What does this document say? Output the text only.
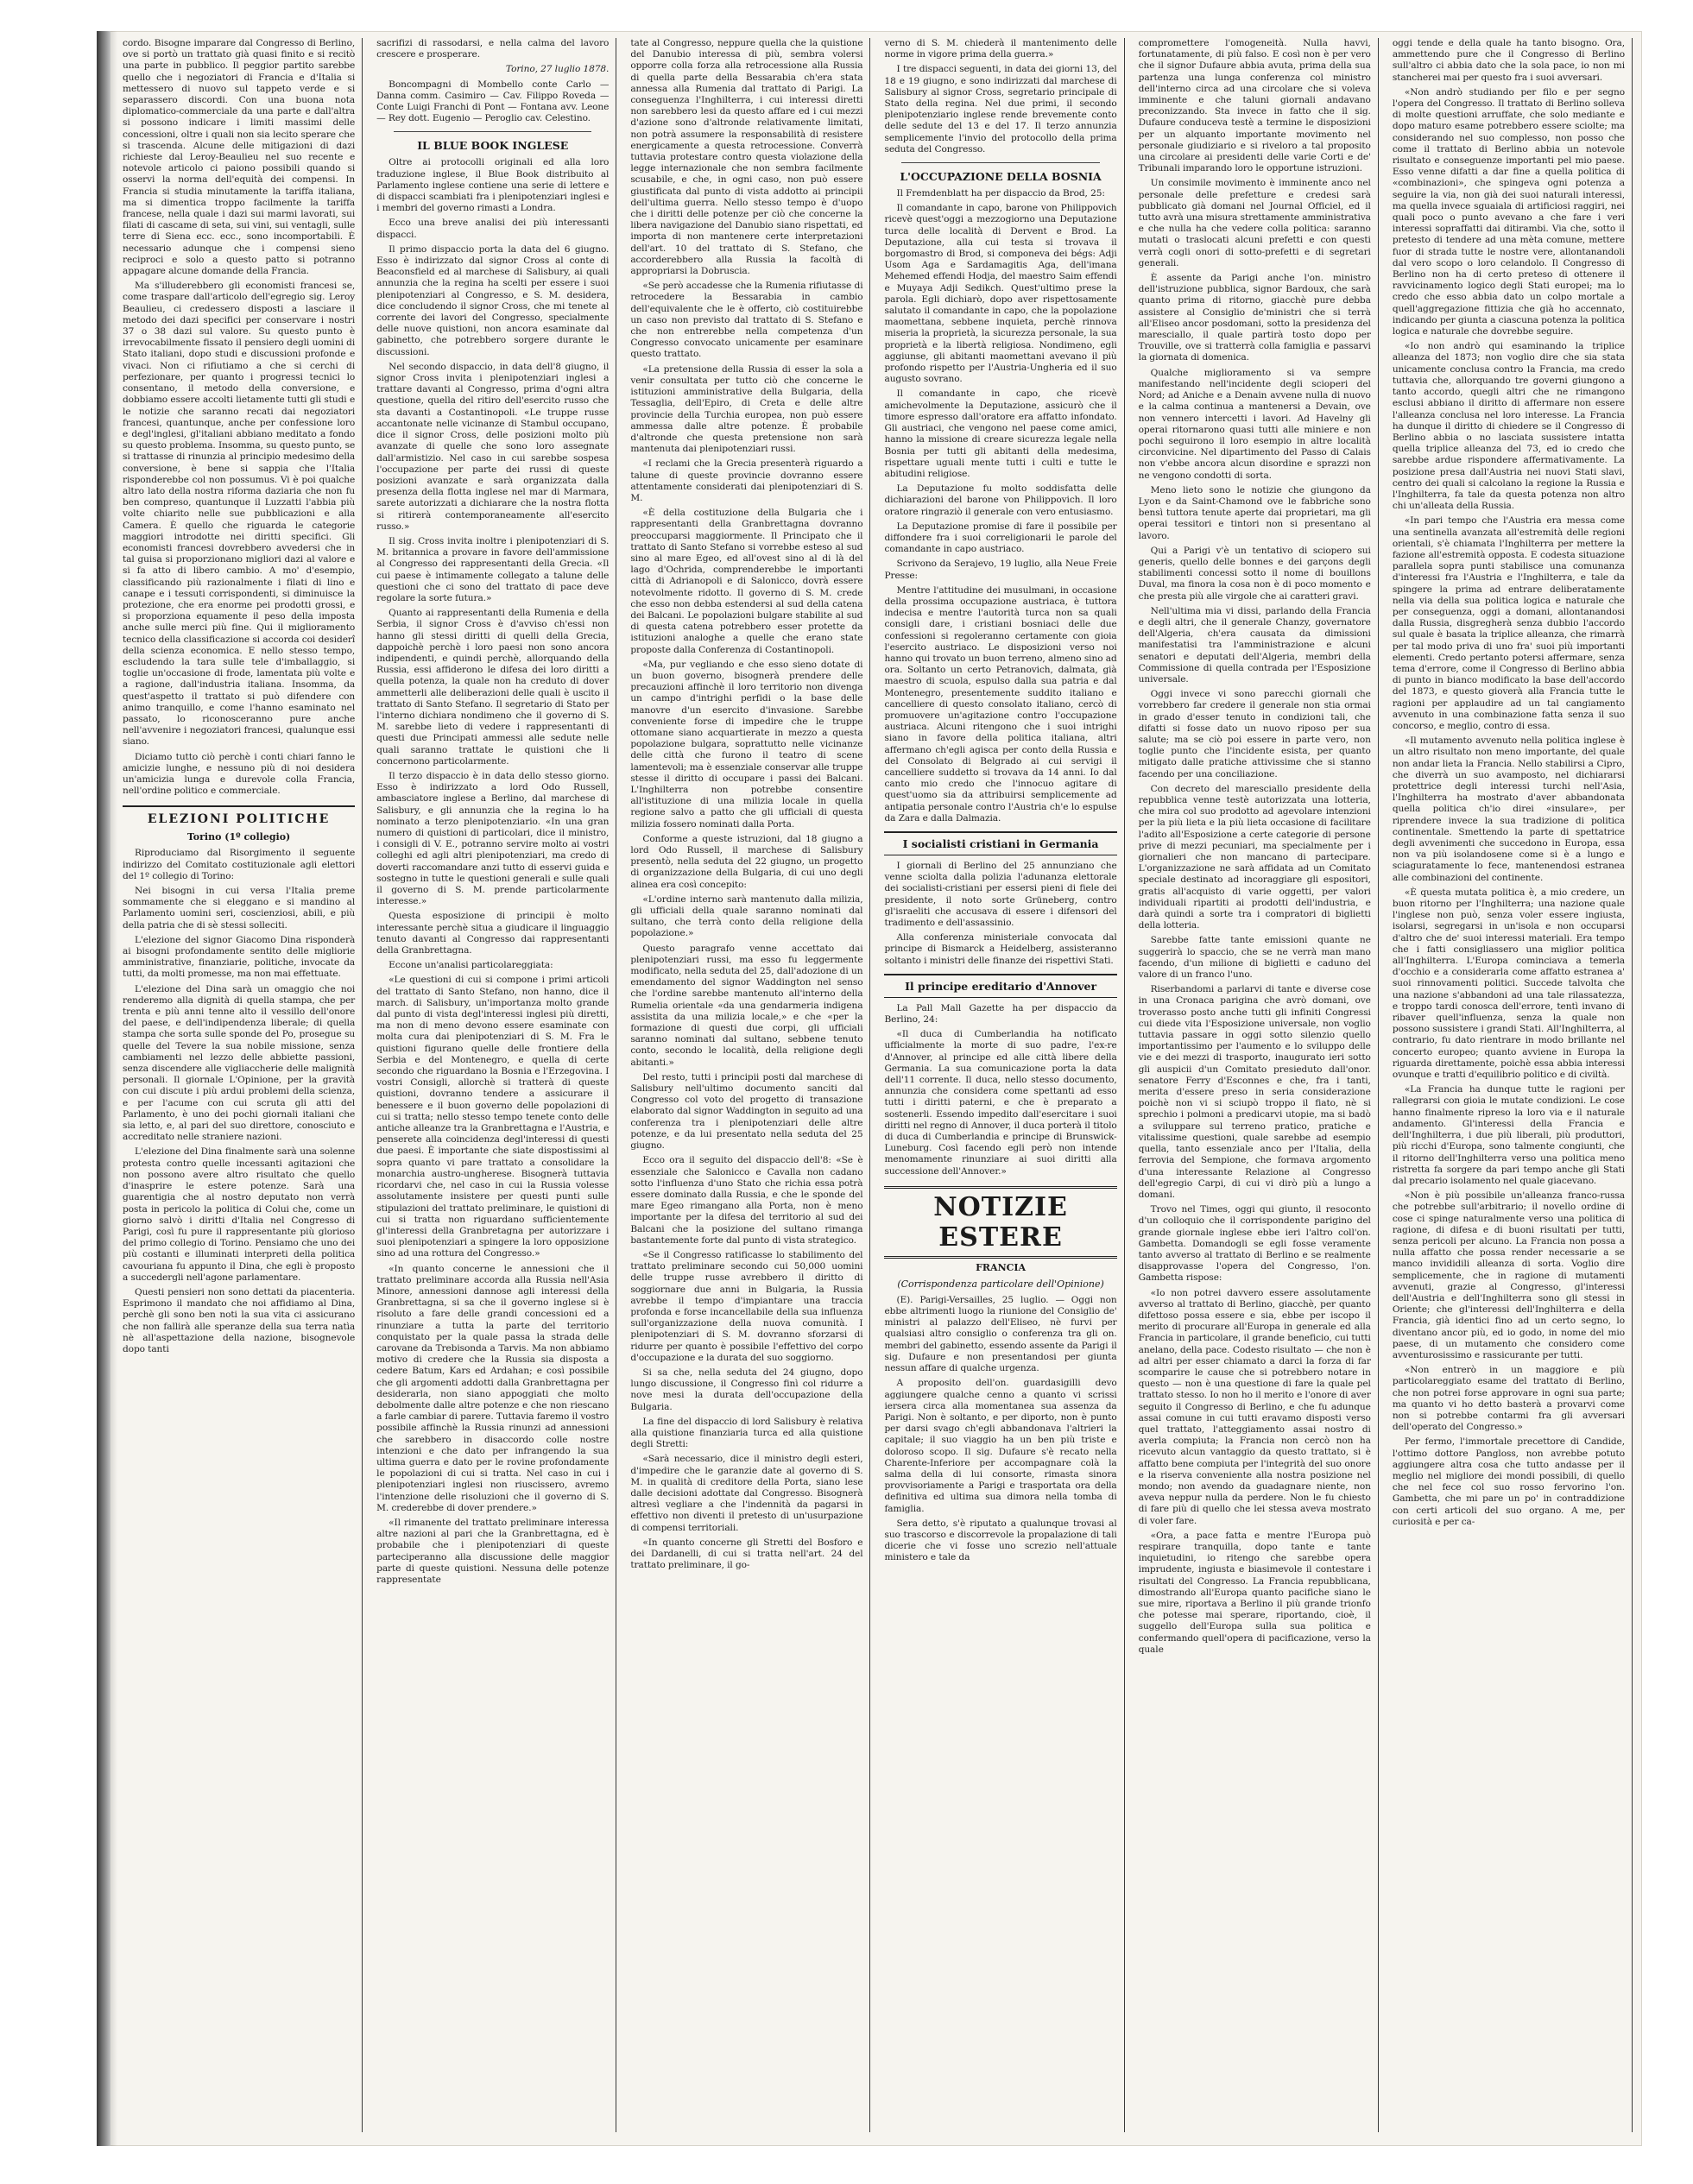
cordo. Bisogne imparare dal Congresso di Berlino, ove si portò un trattato già quasi finito e si recitò una parte in pubblico. Il peggior partito sarebbe quello che i negoziatori di Francia e d'Italia si mettessero di nuovo sul tappeto verde e si separassero discordi. Con una buona nota diplomatico-commerciale da una parte e dall'altra si possono indicare i limiti massimi delle concessioni, oltre i quali non sia lecito sperare che si trascenda. Alcune delle mitigazioni di dazi richieste dal Leroy-Beaulieu nel suo recente e notevole articolo ci paiono possibili quando si osservi la norma dell'equità dei compensi. In Francia si studia minutamente la tariffa italiana, ma si dimentica troppo facilmente la tariffa francese, nella quale i dazi sui marmi lavorati, sui filati di cascame di seta, sui vini, sui ventagli, sulle terre di Siena ecc. ecc., sono incomportabili. È necessario adunque che i compensi sieno reciproci e solo a questo patto si potranno appagare alcune domande della Francia.

Ma s'illuderebbero gli economisti francesi se, come traspare dall'articolo dell'egregio sig. Leroy Beaulieu, ci credessero disposti a lasciare il metodo dei dazi specifici per conservare i nostri 37 o 38 dazi sul valore. Su questo punto è irrevocabilmente fissato il pensiero degli uomini di Stato italiani, dopo studi e discussioni profonde e vivaci. Non ci rifiutiamo a che si cerchi di perfezionare, per quanto i progressi tecnici lo consentano, il metodo della conversione, e dobbiamo essere accolti lietamente tutti gli studi e le notizie che saranno recati dai negoziatori francesi, quantunque, anche per confessione loro e degl'inglesi, gl'italiani abbiano meditato a fondo su questo problema. Insomma, su questo punto, se si trattasse di rinunzia al principio medesimo della conversione, è bene si sappia che l'Italia risponderebbe col non possumus. Vi è poi qualche altro lato della nostra riforma daziaria che non fu ben compreso, quantunque il Luzzatti l'abbia più volte chiarito nelle sue pubblicazioni e alla Camera. È quello che riguarda le categorie maggiori introdotte nei diritti specifici. Gli economisti francesi dovrebbero avvedersi che in tal guisa si proporzionano migliori dazi al valore e si fa atto di libero cambio. A mo' d'esempio, classificando più razionalmente i filati di lino e canape e i tessuti corrispondenti, si diminuisce la protezione, che era enorme pei prodotti grossi, e si proporziona equamente il peso della imposta anche sulle merci più fine. Qui il miglioramento tecnico della classificazione si accorda coi desiderî della scienza economica. E nello stesso tempo, escludendo la tara sulle tele d'imballaggio, si toglie un'occasione di frode, lamentata più volte e a ragione, dall'industria italiana. Insomma, da quest'aspetto il trattato si può difendere con animo tranquillo, e come l'hanno esaminato nel passato, lo riconosceranno pure anche nell'avvenire i negoziatori francesi, qualunque essi siano.

Diciamo tutto ciò perchè i conti chiari fanno le amicizie lunghe, e nessuno più di noi desidera un'amicizia lunga e durevole colla Francia, nell'ordine politico e commerciale.

ELEZIONI POLITICHE
Torino (1º collegio)

Riproduciamo dal Risorgimento il seguente indirizzo del Comitato costituzionale agli elettori del 1º collegio di Torino:

Nei bisogni in cui versa l'Italia preme sommamente che si eleggano e si mandino al Parlamento uomini seri, coscienziosi, abili, e più della patria che di sè stessi solleciti.

L'elezione del signor Giacomo Dina risponderà ai bisogni profondamente sentito delle migliorie amministrative, finanziarie, politiche, invocate da tutti, da molti promesse, ma non mai effettuate.

L'elezione del Dina sarà un omaggio che noi renderemo alla dignità di quella stampa, che per trenta e più anni tenne alto il vessillo dell'onore del paese, e dell'indipendenza liberale; di quella stampa che sorta sulle sponde del Po, prosegue su quelle del Tevere la sua nobile missione, senza cambiamenti nel lezzo delle abbiette passioni, senza discendere alle vigliaccherie delle malignità personali. Il giornale L'Opinione, per la gravità con cui discute i più ardui problemi della scienza, e per l'acume con cui scruta gli atti del Parlamento, è uno dei pochi giornali italiani che sia letto, e, al pari del suo direttore, conosciuto e accreditato nelle straniere nazioni.

L'elezione del Dina finalmente sarà una solenne protesta contro quelle incessanti agitazioni che non possono avere altro risultato che quello d'inasprire le estere potenze. Sarà una guarentigia che al nostro deputato non verrà posta in pericolo la politica di Colui che, come un giorno salvò i diritti d'Italia nel Congresso di Parigi, così fu pure il rappresentante più glorioso del primo collegio di Torino. Pensiamo che uno dei più costanti e illuminati interpreti della politica cavouriana fu appunto il Dina, che egli è proposto a succedergli nell'agone parlamentare.

Questi pensieri non sono dettati da piacenteria. Esprimono il mandato che noi affidiamo al Dina, perchè gli sono ben noti la sua vita ci assicurano che non fallirà alle speranze della sua terra natìa nè all'aspettazione della nazione, bisognevole dopo tanti

sacrifizi di rassodarsi, e nella calma del lavoro crescere e prosperare.

Torino, 27 luglio 1878.

Boncompagni di Mombello conte Carlo — Danna comm. Casimiro — Cav. Filippo Roveda — Conte Luigi Franchi di Pont — Fontana avv. Leone — Rey dott. Eugenio — Peroglio cav. Celestino.

IL BLUE BOOK INGLESE

Oltre ai protocolli originali ed alla loro traduzione inglese, il Blue Book distribuito al Parlamento inglese contiene una serie di lettere e di dispacci scambiati fra i plenipotenziari inglesi e i membri del governo rimasti a Londra.

Ecco una breve analisi dei più interessanti dispacci.

Il primo dispaccio porta la data del 6 giugno. Esso è indirizzato dal signor Cross al conte di Beaconsfield ed al marchese di Salisbury, ai quali annunzia che la regina ha scelti per essere i suoi plenipotenziari al Congresso, e S. M. desidera, dice concludendo il signor Cross, che mi tenete al corrente dei lavori del Congresso, specialmente delle nuove quistioni, non ancora esaminate dal gabinetto, che potrebbero sorgere durante le discussioni.

Nel secondo dispaccio, in data dell'8 giugno, il signor Cross invita i plenipotenziari inglesi a trattare davanti al Congresso, prima d'ogni altra questione, quella del ritiro dell'esercito russo che sta davanti a Costantinopoli. «Le truppe russe accantonate nelle vicinanze di Stambul occupano, dice il signor Cross, delle posizioni molto più avanzate di quelle che sono loro assegnate dall'armistizio. Nel caso in cui sarebbe sospesa l'occupazione per parte dei russi di queste posizioni avanzate e sarà organizzata dalla presenza della flotta inglese nel mar di Marmara, sarete autorizzati a dichiarare che la nostra flotta si ritirerà contemporaneamente all'esercito russo.»

Il sig. Cross invita inoltre i plenipotenziari di S. M. britannica a provare in favore dell'ammissione al Congresso dei rappresentanti della Grecia. «Il cui paese è intimamente collegato a talune delle questioni che ci sono del trattato di pace deve regolare la sorte futura.»

Quanto ai rappresentanti della Rumenia e della Serbia, il signor Cross è d'avviso ch'essi non hanno gli stessi diritti di quelli della Grecia, dappoichè perchè i loro paesi non sono ancora indipendenti, e quindi perchè, allorquando della Russia, essi affiderono le difesa dei loro diritti a quella potenza, la quale non ha creduto di dover ammetterli alle deliberazioni delle quali è uscito il trattato di Santo Stefano. Il segretario di Stato per l'interno dichiara nondimeno che il governo di S. M. sarebbe lieto di vedere i rappresentanti di questi due Principati ammessi alle sedute nelle quali saranno trattate le quistioni che li concernono particolarmente.

Il terzo dispaccio è in data dello stesso giorno. Esso è indirizzato a lord Odo Russell, ambasciatore inglese a Berlino, dal marchese di Salisbury, e gli annunzia che la regina lo ha nominato a terzo plenipotenziario. «In una gran numero di quistioni di particolari, dice il ministro, i consigli di V. E., potranno servire molto ai vostri colleghi ed agli altri plenipotenziari, ma credo di doverti raccomandare anzi tutto di esservi guida e sostegno in tutte le questioni generali e sulle quali il governo di S. M. prende particolarmente interesse.»

Questa esposizione di principii è molto interessante perchè situa a giudicare il linguaggio tenuto davanti al Congresso dai rappresentanti della Granbrettagna.

Eccone un'analisi particolareggiata:

«Le questioni di cui si compone i primi articoli del trattato di Santo Stefano, non hanno, dice il march. di Salisbury, un'importanza molto grande dal punto di vista degl'interessi inglesi più diretti, ma non di meno devono essere esaminate con molta cura dai plenipotenziari di S. M. Fra le quistioni figurano quelle delle frontiere della Serbia e del Montenegro, e quella di certe secondo che riguardano la Bosnia e l'Erzegovina. I vostri Consigli, allorchè si tratterà di queste quistioni, dovranno tendere a assicurare il benessere e il buon governo delle popolazioni di cui si tratta; nello stesso tempo tenete conto delle antiche alleanze tra la Granbrettagna e l'Austria, e penserete alla coincidenza degl'interessi di questi due paesi. È importante che siate dispostissimi al sopra quanto vi pare trattato a consolidare la monarchia austro-ungherese. Bisognerà tuttavia ricordarvi che, nel caso in cui la Russia volesse assolutamente insistere per questi punti sulle stipulazioni del trattato preliminare, le quistioni di cui si tratta non riguardano sufficientemente gl'interessi della Granbretagna per autorizzare i suoi plenipotenziari a spingere la loro opposizione sino ad una rottura del Congresso.»

«In quanto concerne le annessioni che il trattato preliminare accorda alla Russia nell'Asia Minore, annessioni dannose agli interessi della Granbrettagna, si sa che il governo inglese si è risoluto a fare delle grandi concessioni ed a rinunziare a tutta la parte del territorio conquistato per la quale passa la strada delle carovane da Trebisonda a Tarvis. Ma non abbiamo motivo di credere che la Russia sia disposta a cedere Batum, Kars ed Ardahan; e così possibile che gli argomenti addotti dalla Granbrettagna per desiderarla, non siano appoggiati che molto debolmente dalle altre potenze e che non riescano a farle cambiar di parere. Tuttavia faremo il vostro possibile affinchè la Russia rinunzi ad annessioni che sarebbero in disaccordo colle nostre intenzioni e che dato per infrangendo la sua ultima guerra e dato per le rovine profondamente le popolazioni di cui si tratta. Nel caso in cui i plenipotenziari inglesi non riuscissero, avremo l'intenzione delle risoluzioni che il governo di S. M. crederebbe di dover prendere.»

«Il rimanente del trattato preliminare interessa altre nazioni al pari che la Granbrettagna, ed è probabile che i plenipotenziari di queste parteciperanno alla discussione delle maggior parte di queste quistioni. Nessuna delle potenze rappresentate

tate al Congresso, neppure quella che la quistione del Danubio interessa di più, sembra volersi opporre colla forza alla retrocessione alla Russia di quella parte della Bessarabia ch'era stata annessa alla Rumenia dal trattato di Parigi. La conseguenza l'Inghilterra, i cui interessi diretti non sarebbero lesi da questo affare ed i cui mezzi d'azione sono d'altronde relativamente limitati, non potrà assumere la responsabilità di resistere energicamente a questa retrocessione. Converrà tuttavia protestare contro questa violazione della legge internazionale che non sembra facilmente scusabile, e che, in ogni caso, non può essere giustificata dal punto di vista addotto ai principii dell'ultima guerra. Nello stesso tempo è d'uopo che i diritti delle potenze per ciò che concerne la libera navigazione del Danubio siano rispettati, ed importa di non mantenere certe interpretazioni dell'art. 10 del trattato di S. Stefano, che accorderebbero alla Russia la facoltà di appropriarsi la Dobruscia.

«Se però accadesse che la Rumenia rifiutasse di retrocedere la Bessarabia in cambio dell'equivalente che le è offerto, ciò costituirebbe un caso non previsto dal trattato di S. Stefano e che non entrerebbe nella competenza d'un Congresso convocato unicamente per esaminare questo trattato.

«La pretensione della Russia di esser la sola a venir consultata per tutto ciò che concerne le istituzioni amministrative della Bulgaria, della Tessaglia, dell'Epiro, di Creta e delle altre provincie della Turchia europea, non può essere ammessa dalle altre potenze. È probabile d'altronde che questa pretensione non sarà mantenuta dai plenipotenziari russi.

«I reclami che la Grecia presenterà riguardo a talune di queste provincie dovranno essere attentamente considerati dai plenipotenziari di S. M.

«È della costituzione della Bulgaria che i rappresentanti della Granbrettagna dovranno preoccuparsi maggiormente. Il Principato che il trattato di Santo Stefano si vorrebbe esteso al sud sino al mare Egeo, ed all'ovest sino al di là del lago d'Ochrida, comprenderebbe le importanti città di Adrianopoli e di Salonicco, dovrà essere notevolmente ridotto. Il governo di S. M. crede che esso non debba estendersi al sud della catena dei Balcani. Le popolazioni bulgare stabilite al sud di questa catena potrebbero esser protette da istituzioni analoghe a quelle che erano state proposte dalla Conferenza di Costantinopoli.

«Ma, pur vegliando e che esso sieno dotate di un buon governo, bisognerà prendere delle precauzioni affinchè il loro territorio non divenga un campo d'intrighi perfidi o la base delle manovre d'un esercito d'invasione. Sarebbe conveniente forse di impedire che le truppe ottomane siano acquartierate in mezzo a questa popolazione bulgara, soprattutto nelle vicinanze delle città che furono il teatro di scene lamentevoli; ma è essenziale conservar alle truppe stesse il diritto di occupare i passi dei Balcani. L'Inghilterra non potrebbe consentire all'istituzione di una milizia locale in quella regione salvo a patto che gli ufficiali di questa milizia fossero nominati dalla Porta.

Conforme a queste istruzioni, dal 18 giugno a lord Odo Russell, il marchese di Salisbury presentò, nella seduta del 22 giugno, un progetto di organizzazione della Bulgaria, di cui uno degli alinea era così concepito:

«L'ordine interno sarà mantenuto dalla milizia, gli ufficiali della quale saranno nominati dal sultano, che terrà conto della religione della popolazione.»

Questo paragrafo venne accettato dai plenipotenziari russi, ma esso fu leggermente modificato, nella seduta del 25, dall'adozione di un emendamento del signor Waddington nel senso che l'ordine sarebbe mantenuto all'interno della Rumelia orientale «da una gendarmeria indigena assistita da una milizia locale,» e che «per la formazione di questi due corpi, gli ufficiali saranno nominati dal sultano, sebbene tenuto conto, secondo le località, della religione degli abitanti.»

Del resto, tutti i principii posti dal marchese di Salisbury nell'ultimo documento sanciti dal Congresso col voto del progetto di transazione elaborato dal signor Waddington in seguito ad una conferenza tra i plenipotenziari delle altre potenze, e da lui presentato nella seduta del 25 giugno.

Ecco ora il seguito del dispaccio dell'8: «Se è essenziale che Salonicco e Cavalla non cadano sotto l'influenza d'uno Stato che richia essa potrà essere dominato dalla Russia, e che le sponde del mare Egeo rimangano alla Porta, non è meno importante per la difesa del territorio al sud dei Balcani che la posizione del sultano rimanga bastantemente forte dal punto di vista strategico.

«Se il Congresso ratificasse lo stabilimento del trattato preliminare secondo cui 50,000 uomini delle truppe russe avrebbero il diritto di soggiornare due anni in Bulgaria, la Russia avrebbe il tempo d'impiantare una traccia profonda e forse incancellabile della sua influenza sull'organizzazione della nuova comunità. I plenipotenziari di S. M. dovranno sforzarsi di ridurre per quanto è possibile l'effettivo del corpo d'occupazione e la durata del suo soggiorno.

Si sa che, nella seduta del 24 giugno, dopo lungo discussione, il Congresso finì col ridurre a nove mesi la durata dell'occupazione della Bulgaria.

La fine del dispaccio di lord Salisbury è relativa alla quistione finanziaria turca ed alla quistione degli Stretti:

«Sarà necessario, dice il ministro degli esteri, d'impedire che le garanzie date al governo di S. M. in qualità di creditore della Porta, siano lese dalle decisioni adottate dal Congresso. Bisognerà altresì vegliare a che l'indennità da pagarsi in effettivo non diventi il pretesto di un'usurpazione di compensi territoriali.

«In quanto concerne gli Stretti del Bosforo e dei Dardanelli, di cui si tratta nell'art. 24 del trattato preliminare, il go-

verno di S. M. chiederà il mantenimento delle norme in vigore prima della guerra.»

I tre dispacci seguenti, in data dei giorni 13, del 18 e 19 giugno, e sono indirizzati dal marchese di Salisbury al signor Cross, segretario principale di Stato della regina. Nel due primi, il secondo plenipotenziario inglese rende brevemente conto delle sedute del 13 e del 17. Il terzo annunzia semplicemente l'invio del protocollo della prima seduta del Congresso.

L'OCCUPAZIONE DELLA BOSNIA

Il Fremdenblatt ha per dispaccio da Brod, 25:

Il comandante in capo, barone von Philippovich ricevè quest'oggi a mezzogiorno una Deputazione turca delle località di Dervent e Brod. La Deputazione, alla cui testa si trovava il borgomastro di Brod, si componeva dei bégs: Adji Usom Aga e Sardamagitis Aga, dell'imana Mehemed effendi Hodja, del maestro Saim effendi e Muyaya Adji Sedikch. Quest'ultimo prese la parola. Egli dichiarò, dopo aver rispettosamente salutato il comandante in capo, che la popolazione maomettana, sebbene inquieta, perchè rinnova miseria la proprietà, la sicurezza personale, la sua proprietà e la libertà religiosa. Nondimeno, egli aggiunse, gli abitanti maomettani avevano il più profondo rispetto per l'Austria-Ungheria ed il suo augusto sovrano.

Il comandante in capo, che ricevè amichevolmente la Deputazione, assicurò che il timore espresso dall'oratore era affatto infondato. Gli austriaci, che vengono nel paese come amici, hanno la missione di creare sicurezza legale nella Bosnia per tutti gli abitanti della medesima, rispettare uguali mente tutti i culti e tutte le abitudini religiose.

La Deputazione fu molto soddisfatta delle dichiarazioni del barone von Philippovich. Il loro oratore ringraziò il generale con vero entusiasmo.

La Deputazione promise di fare il possibile per diffondere fra i suoi correligionarii le parole del comandante in capo austriaco.

Scrivono da Serajevo, 19 luglio, alla Neue Freie Presse:

Mentre l'attitudine dei musulmani, in occasione della prossima occupazione austriaca, è tuttora indecisa e mentre l'autorità turca non sa quali consigli dare, i cristiani bosniaci delle due confessioni si regoleranno certamente con gioia l'esercito austriaco. Le disposizioni verso noi hanno qui trovato un buon terreno, almeno sino ad ora. Soltanto un certo Petranovich, dalmata, già maestro di scuola, espulso dalla sua patria e dal Montenegro, presentemente suddito italiano e cancelliere di questo consolato italiano, cercò di promuovere un'agitazione contro l'occupazione austriaca. Alcuni ritengono che i suoi intrighi siano in favore della politica italiana, altri affermano ch'egli agisca per conto della Russia e del Consolato di Belgrado ai cui servigi il cancelliere suddetto si trovava da 14 anni. Io dal canto mio credo che l'innocuo agitare di quest'uomo sia da attribuirsi semplicemente ad antipatia personale contro l'Austria ch'e lo espulse da Zara e dalla Dalmazia.

I socialisti cristiani in Germania

I giornali di Berlino del 25 annunziano che venne sciolta dalla polizia l'adunanza elettorale dei socialisti-cristiani per essersi pieni di fiele dei presidente, il noto sorte Grüneberg, contro gl'israeliti che accusava di essere i difensori del tradimento e dell'assassinio.

Alla conferenza ministeriale convocata dal principe di Bismarck a Heidelberg, assisteranno soltanto i ministri delle finanze dei rispettivi Stati.

Il principe ereditario d'Annover

La Pall Mall Gazette ha per dispaccio da Berlino, 24:

«Il duca di Cumberlandia ha notificato ufficialmente la morte di suo padre, l'ex-re d'Annover, al principe ed alle città libere della Germania. La sua comunicazione porta la data dell'11 corrente. Il duca, nello stesso documento, annunzia che considera come spettanti ad esso tutti i diritti paterni, e che è preparato a sostenerli. Essendo impedito dall'esercitare i suoi diritti nel regno di Annover, il duca porterà il titolo di duca di Cumberlandia e principe di Brunswick-Luneburg. Così facendo egli però non intende menomamente rinunziare ai suoi diritti alla successione dell'Annover.»

NOTIZIE ESTERE
FRANCIA
(Corrispondenza particolare dell'Opinione)

(E). Parigi-Versailles, 25 luglio. — Oggi non ebbe altrimenti luogo la riunione del Consiglio de' ministri al palazzo dell'Eliseo, nè furvi per qualsiasi altro consiglio o conferenza tra gli on. membri del gabinetto, essendo assente da Parigi il sig. Dufaure e non presentandosi per giunta nessun affare di qualche urgenza.

A proposito dell'on. guardasigilli devo aggiungere qualche cenno a quanto vi scrissi iersera circa alla momentanea sua assenza da Parigi. Non è soltanto, e per diporto, non è punto per darsi svago ch'egli abbandonava l'altrieri la capitale; il suo viaggio ha un ben più triste e doloroso scopo. Il sig. Dufaure s'è recato nella Charente-Inferiore per accompagnare colà la salma della di lui consorte, rimasta sinora provvisoriamente a Parigi e trasportata ora della definitiva ed ultima sua dimora nella tomba di famiglia.

Sera detto, s'è riputato a qualunque trovasi al suo trascorso e discorrevole la propalazione di tali dicerie che vi fosse uno screzio nell'attuale ministero e tale da

compromettere l'omogeneità. Nulla havvi, fortunatamente, di più falso. E così non è per vero che il signor Dufaure abbia avuta, prima della sua partenza una lunga conferenza col ministro dell'interno circa ad una circolare che si voleva imminente e che taluni giornali andavano preconizzando. Sta invece in fatto che il sig. Dufaure conduceva testè a termine le disposizioni per un alquanto importante movimento nel personale giudiziario e si riveloro a tal proposito una circolare ai presidenti delle varie Corti e de' Tribunali imparando loro le opportune istruzioni.

Un consimile movimento è imminente anco nel personale delle prefetture e credesi sarà pubblicato già domani nel Journal Officiel, ed il tutto avrà una misura strettamente amministrativa e che nulla ha che vedere colla politica: saranno mutati o traslocati alcuni prefetti e con questi verrà cogli onori di sotto-prefetti e di segretari generali.

È assente da Parigi anche l'on. ministro dell'istruzione pubblica, signor Bardoux, che sarà quanto prima di ritorno, giacchè pure debba assistere al Consiglio de'ministri che si terrà all'Eliseo ancor posdomani, sotto la presidenza del maresciallo, il quale partirà tosto dopo per Trouville, ove si tratterrà colla famiglia e passarvi la giornata di domenica.

Qualche miglioramento si va sempre manifestando nell'incidente degli scioperi del Nord; ad Aniche e a Denain avvene nulla di nuovo e la calma continua a mantenersi a Devain, ove non vennero intercetti i lavori. Ad Havelny gli operai ritornarono quasi tutti alle miniere e non pochi seguirono il loro esempio in altre località circonvicine. Nel dipartimento del Passo di Calais non v'ebbe ancora alcun disordine e sprazzi non ne vengono condotti di sorta.

Meno lieto sono le notizie che giungono da Lyon e da Saint-Chamond ove le fabbriche sono bensì tuttora tenute aperte dai proprietari, ma gli operai tessitori e tintori non si presentano al lavoro.

Qui a Parigi v'è un tentativo di sciopero sui generis, quello delle bonnes e dei garçons degli stabilimenti concessi sotto il nome di bouillons Duval, ma finora la cosa non è di poco momento e che presta più alle virgole che ai caratteri gravi.

Nell'ultima mia vi dissi, parlando della Francia e degli altri, che il generale Chanzy, governatore dell'Algeria, ch'era causata da dimissioni manifestatisi tra l'amministrazione e alcuni senatori e deputati dell'Algeria, membri della Commissione di quella contrada per l'Esposizione universale.

Oggi invece vi sono parecchi giornali che vorrebbero far credere il generale non stia ormai in grado d'esser tenuto in condizioni tali, che difatti si fosse dato un nuovo riposo per sua salute; ma se ciò poi essere in parte vero, non toglie punto che l'incidente esista, per quanto mitigato dalle pratiche attivissime che si stanno facendo per una conciliazione.

Con decreto del maresciallo presidente della repubblica venne testè autorizzata una lotteria, che mira col suo prodotto ad agevolare intenzioni per la più lieta e la più lieta occasione di facilitare l'adito all'Esposizione a certe categorie di persone prive di mezzi pecuniari, ma specialmente per i giornalieri che non mancano di partecipare. L'organizzazione ne sarà affidata ad un Comitato speciale destinato ad incoraggiare gli espositori, gratis all'acquisto di varie oggetti, per valori individuali ripartiti ai prodotti dell'industria, e darà quindi a sorte tra i compratori di biglietti della lotteria.

Sarebbe fatte tante emissioni quante ne suggerirà lo spaccio, che se ne verrà man mano facendo, d'un milione di biglietti e caduno del valore di un franco l'uno.

Riserbandomi a parlarvi di tante e diverse cose in una Cronaca parigina che avrò domani, ove troverasso posto anche tutti gli infiniti Congressi cui diede vita l'Esposizione universale, non voglio tuttavia passare in oggi sotto silenzio quello importantissimo per l'aumento e lo sviluppo delle vie e dei mezzi di trasporto, inaugurato ieri sotto gli auspicii d'un Comitato presieduto dall'onor. senatore Ferry d'Esconnes e che, fra i tanti, merita d'essere preso in seria considerazione poichè non vi si sciupò troppo il fiato, nè si sprechio i polmoni a predicarvi utopie, ma si badò a sviluppare sul terreno pratico, pratiche e vitalissime questioni, quale sarebbe ad esempio quella, tanto essenziale anco per l'Italia, della ferrovia del Sempione, che formava argomento d'una interessante Relazione al Congresso dell'egregio Carpi, di cui vi dirò più a lungo a domani.

Trovo nel Times, oggi qui giunto, il resoconto d'un colloquio che il corrispondente parigino del grande giornale inglese ebbe ieri l'altro coll'on. Gambetta. Domandogli se egli fosse veramente tanto avverso al trattato di Berlino e se realmente disapprovasse l'opera del Congresso, l'on. Gambetta rispose:

«Io non potrei davvero essere assolutamente avverso al trattato di Berlino, giacchè, per quanto difettoso possa essere e sia, ebbe per iscopo il merito di procurare all'Europa in generale ed alla Francia in particolare, il grande beneficio, cui tutti anelano, della pace. Codesto risultato — che non è ad altri per esser chiamato a darci la forza di far scomparire le cause che si potrebbero notare in questo — non è una questione di fare la quale pel trattato stesso. Io non ho il merito e l'onore di aver seguito il Congresso di Berlino, e che fu adunque assai comune in cui tutti eravamo disposti verso quel trattato, l'atteggiamento assai nostro di averla compiuta; la Francia non cercò non ha ricevuto alcun vantaggio da questo trattato, si è affatto bene compiuta per l'integrità del suo onore e la riserva conveniente alla nostra posizione nel mondo; non avendo da guadagnare niente, non aveva neppur nulla da perdere. Non le fu chiesto di fare più di quello che lei stessa aveva mostrato di voler fare.

«Ora, a pace fatta e mentre l'Europa può respirare tranquilla, dopo tante e tante inquietudini, io ritengo che sarebbe opera imprudente, ingiusta e biasimevole il contestare i risultati del Congresso. La Francia repubblicana, dimostrando all'Europa quanto pacifiche siano le sue mire, riportava a Berlino il più grande trionfo che potesse mai sperare, riportando, cioè, il suggello dell'Europa sulla sua politica e confermando quell'opera di pacificazione, verso la quale

oggi tende e della quale ha tanto bisogno. Ora, ammettendo pure che il Congresso di Berlino sull'altro ci abbia dato che la sola pace, io non mi stancherei mai per questo fra i suoi avversari.

«Non andrò studiando per filo e per segno l'opera del Congresso. Il trattato di Berlino solleva di molte questioni arruffate, che solo mediante e dopo maturo esame potrebbero essere sciolte; ma considerando nel suo complesso, non posso che come il trattato di Berlino abbia un notevole risultato e conseguenze importanti pel mio paese. Esso venne difatti a dar fine a quella politica di «combinazioni», che spingeva ogni potenza a seguire la via, non già dei suoi naturali interessi, ma quella invece sguaiala di artificiosi raggiri, nei quali poco o punto avevano a che fare i veri interessi sopraffatti dai ditirambi. Via che, sotto il pretesto di tendere ad una mèta comune, mettere fuor di strada tutte le nostre vere, allontanandoli dal vero scopo o loro celandolo. Il Congresso di Berlino non ha di certo preteso di ottenere il ravvicinamento logico degli Stati europei; ma lo credo che esso abbia dato un colpo mortale a quell'aggregazione fittizia che già ho accennato, indicando per giunta a ciascuna potenza la politica logica e naturale che dovrebbe seguire.

«Io non andrò qui esaminando la triplice alleanza del 1873; non voglio dire che sia stata unicamente conclusa contro la Francia, ma credo tuttavia che, allorquando tre governi giungono a tanto accordo, quegli altri che ne rimangono esclusi abbiano il diritto di affermare non essere l'alleanza conclusa nel loro interesse. La Francia ha dunque il diritto di chiedere se il Congresso di Berlino abbia o no lasciata sussistere intatta quella triplice alleanza del 73, ed io credo che sarebbe ardue rispondere affermativamente. La posizione presa dall'Austria nei nuovi Stati slavi, centro dei quali si calcolano la regione la Russia e l'Inghilterra, fa tale da questa potenza non altro chi un'alleata della Russia.

«In pari tempo che l'Austria era messa come una sentinella avanzata all'estremità delle regioni orientali, s'è chiamata l'Inghilterra per mettere la fazione all'estremità opposta. E codesta situazione parallela sopra punti stabilisce una comunanza d'interessi fra l'Austria e l'Inghilterra, e tale da spingere la prima ad entrare deliberatamente nella via della sua politica logica e naturale che per conseguenza, oggi a domani, allontanandosi dalla Russia, disgregherà senza dubbio l'accordo sul quale è basata la triplice alleanza, che rimarrà per tal modo priva di uno fra' suoi più importanti elementi. Credo pertanto potersi affermare, senza tema d'errore, come il Congresso di Berlino abbia di punto in bianco modificato la base dell'accordo del 1873, e questo gioverà alla Francia tutte le ragioni per applaudire ad un tal cangiamento avvenuto in una combinazione fatta senza il suo concorso, e meglio, contro di essa.

«Il mutamento avvenuto nella politica inglese è un altro risultato non meno importante, del quale non andar lieta la Francia. Nello stabilirsi a Cipro, che diverrà un suo avamposto, nel dichiararsi protettrice degli interessi turchi nell'Asia, l'Inghilterra ha mostrato d'aver abbandonata quella politica ch'io direi «insulare», per riprendere invece la sua tradizione di politica continentale. Smettendo la parte di spettatrice degli avvenimenti che succedono in Europa, essa non va più isolandosene come si è a lungo e sciaguratamente lo fece, mantenendosi estranea alle combinazioni del continente.

«È questa mutata politica è, a mio credere, un buon ritorno per l'Inghilterra; una nazione quale l'inglese non può, senza voler essere ingiusta, isolarsi, segregarsi in un'isola e non occuparsi d'altro che de' suoi interessi materiali. Era tempo che i fatti consigliassero una miglior politica all'Inghilterra. L'Europa cominciava a temerla d'occhio e a considerarla come affatto estranea a' suoi rinnovamenti politici. Succede talvolta che una nazione s'abbandoni ad una tale rilassatezza, e troppo tardi conosca dell'errore, tentì invano di ribaver quell'influenza, senza la quale non possono sussistere i grandi Stati. All'Inghilterra, al contrario, fu dato rientrare in modo brillante nel concerto europeo; quanto avviene in Europa la riguarda direttamente, poichè essa abbia interessi ovunque e tratti d'equilibrio politico e di civiltà.

«La Francia ha dunque tutte le ragioni per rallegrarsi con gioia le mutate condizioni. Le cose hanno finalmente ripreso la loro via e il naturale andamento. Gl'interessi della Francia e dell'Inghilterra, i due più liberali, più produttori, più ricchi d'Europa, sono talmente congiunti, che il ritorno dell'Inghilterra verso una politica meno ristretta fa sorgere da pari tempo anche gli Stati dal precario isolamento nel quale giacevano.

«Non è più possibile un'alleanza franco-russa che potrebbe sull'arbitrario; il novello ordine di cose ci spinge naturalmente verso una politica di ragione, di difesa e di buoni risultati per tutti, senza pericoli per alcuno. La Francia non possa a nulla affatto che possa render necessarie a se manco invididili alleanza di sorta. Voglio dire semplicemente, che in ragione di mutamenti avvenuti, grazie al Congresso, gl'interessi dell'Austria e dell'Inghilterra sono gli stessi in Oriente; che gl'interessi dell'Inghilterra e della Francia, già identici fino ad un certo segno, lo diventano ancor più, ed io godo, in nome del mio paese, di un mutamento che considero come avventurosissimo e rassicurante per tutti.

«Non entrerò in un maggiore e più particolareggiato esame del trattato di Berlino, che non potrei forse approvare in ogni sua parte; ma quanto vi ho detto basterà a provarvi come non si potrebbe contarmi fra gli avversari dell'operato del Congresso.»

Per fermo, l'immortale precettore di Candide, l'ottimo dottore Pangloss, non avrebbe potuto aggiungere altra cosa che tutto andasse per il meglio nel migliore dei mondi possibili, di quello che nel fece col suo rosso fervorino l'on. Gambetta, che mi pare un po' in contraddizione con certi articoli del suo organo. A me, per curiosità e per ca-
